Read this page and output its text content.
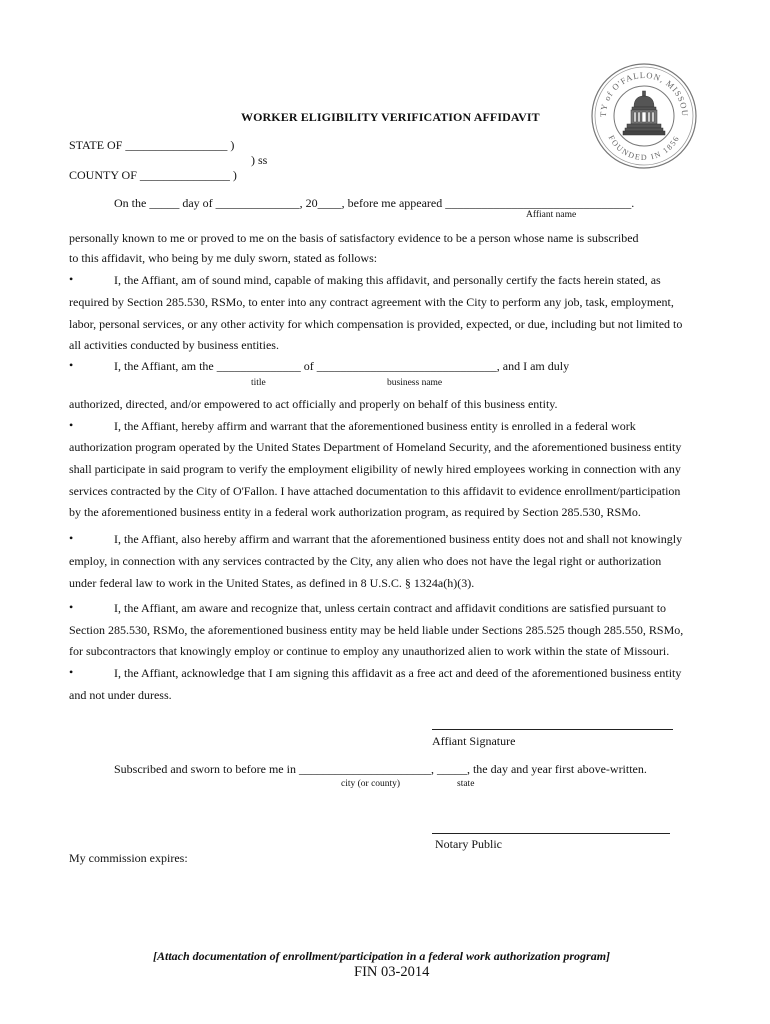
TY of O'FALLON, MISSOU
FOUNDED IN 1856
WORKER ELIGIBILITY VERIFICATION AFFIDAVIT
STATE OF _________________ )
) ss
COUNTY OF _______________ )
On the _____ day of ______________, 20____, before me appeared _______________________________.
Affiant name
personally known to me or proved to me on the basis of satisfactory evidence to be a person whose name is subscribed
to this affidavit, who being by me duly sworn, stated as follows:
•	I, the Affiant, am of sound mind, capable of making this affidavit, and personally certify the facts herein stated, as
required by Section 285.530, RSMo, to enter into any contract agreement with the City to perform any job, task, employment,
labor, personal services, or any other activity for which compensation is provided, expected, or due, including but not limited to
all activities conducted by business entities.
•	I, the Affiant, am the ______________ of ______________________________, and I am duly
title	business name
authorized, directed, and/or empowered to act officially and properly on behalf of this business entity.
•	I, the Affiant, hereby affirm and warrant that the aforementioned business entity is enrolled in a federal work
authorization program operated by the United States Department of Homeland Security, and the aforementioned business entity
shall participate in said program to verify the employment eligibility of newly hired employees working in connection with any
services contracted by the City of O'Fallon. I have attached documentation to this affidavit to evidence enrollment/participation
by the aforementioned business entity in a federal work authorization program, as required by Section 285.530, RSMo.
•	I, the Affiant, also hereby affirm and warrant that the aforementioned business entity does not and shall not knowingly
employ, in connection with any services contracted by the City, any alien who does not have the legal right or authorization
under federal law to work in the United States, as defined in 8 U.S.C. § 1324a(h)(3).
•	I, the Affiant, am aware and recognize that, unless certain contract and affidavit conditions are satisfied pursuant to
Section 285.530, RSMo, the aforementioned business entity may be held liable under Sections 285.525 though 285.550, RSMo,
for subcontractors that knowingly employ or continue to employ any unauthorized alien to work within the state of Missouri.
•	I, the Affiant, acknowledge that I am signing this affidavit as a free act and deed of the aforementioned business entity
and not under duress.
Affiant Signature
Subscribed and sworn to before me in ______________________, _____, the day and year first above-written.
city (or county)	state
Notary Public
My commission expires:
[Attach documentation of enrollment/participation in a federal work authorization program]
FIN 03-2014
